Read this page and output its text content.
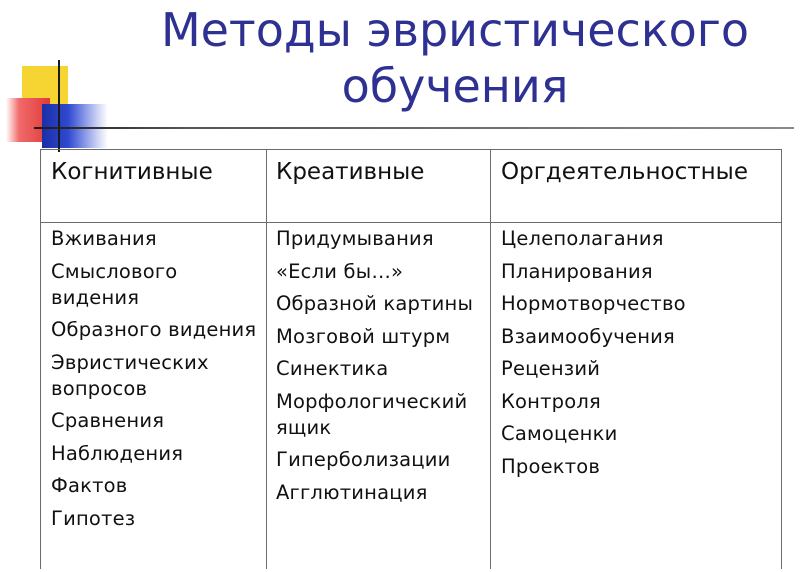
Методы эвристического обучения
Когнитивные	Креативные	Оргдеятельностные
Вживания
Смыслового видения
Образного видения
Эвристических вопросов
Сравнения
Наблюдения
Фактов
Гипотез
Придумывания
«Если бы…»
Образной картины
Мозговой штурм
Синектика
Морфологический ящик
Гиперболизации
Агглютинация
Целеполагания
Планирования
Нормотворчество
Взаимообучения
Рецензий
Контроля
Самоценки
Проектов
